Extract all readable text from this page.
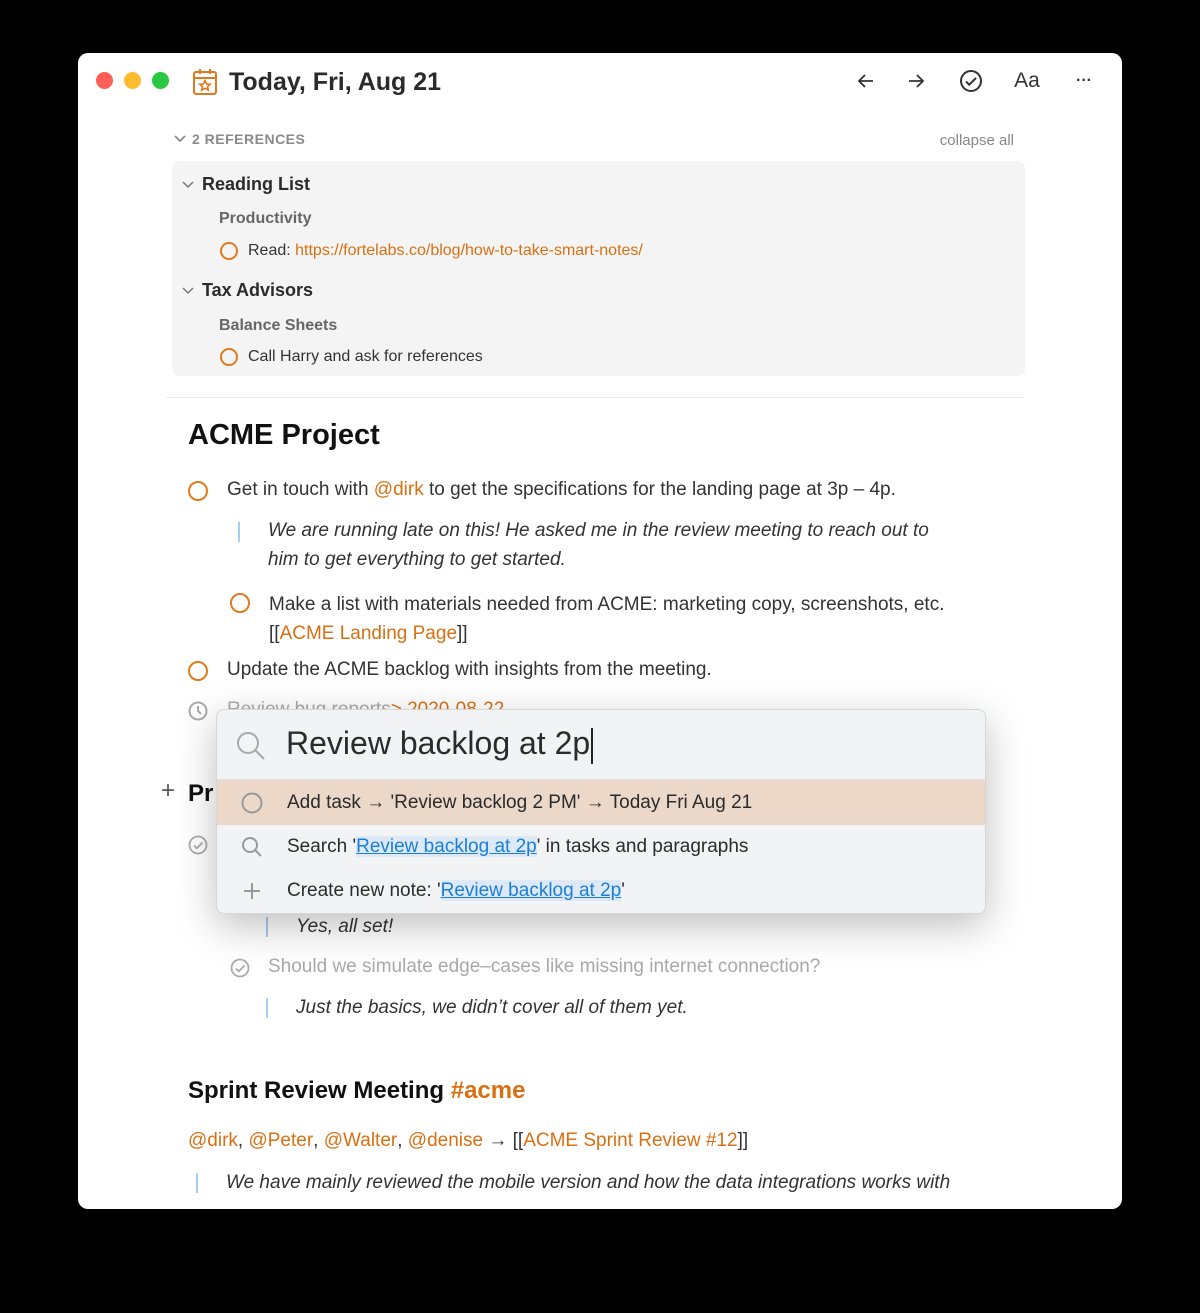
Today, Fri, Aug 21	Aa ···
2 REFERENCES	collapse all
Reading List
Productivity
Read: https://fortelabs.co/blog/how-to-take-smart-notes/
Tax Advisors
Balance Sheets
Call Harry and ask for references
ACME Project
Get in touch with @dirk to get the specifications for the landing page at 3p – 4p.
We are running late on this! He asked me in the review meeting to reach out to
him to get everything to get started.
Make a list with materials needed from ACME: marketing copy, screenshots, etc.
[[ACME Landing Page]]
Update the ACME backlog with insights from the meeting.
+ Pr
Yes, all set!
Should we simulate edge–cases like missing internet connection?
Just the basics, we didn’t cover all of them yet.
Sprint Review Meeting #acme
@dirk , @Peter , @Walter , @denise → [[ ACME Sprint Review #12 ]]
We have mainly reviewed the mobile version and how the data integrations works with
Review backlog at 2p
Add task → 'Review backlog 2 PM' → Today Fri Aug 21
Search 'Review backlog at 2p' in tasks and paragraphs
Create new note: 'Review backlog at 2p'
